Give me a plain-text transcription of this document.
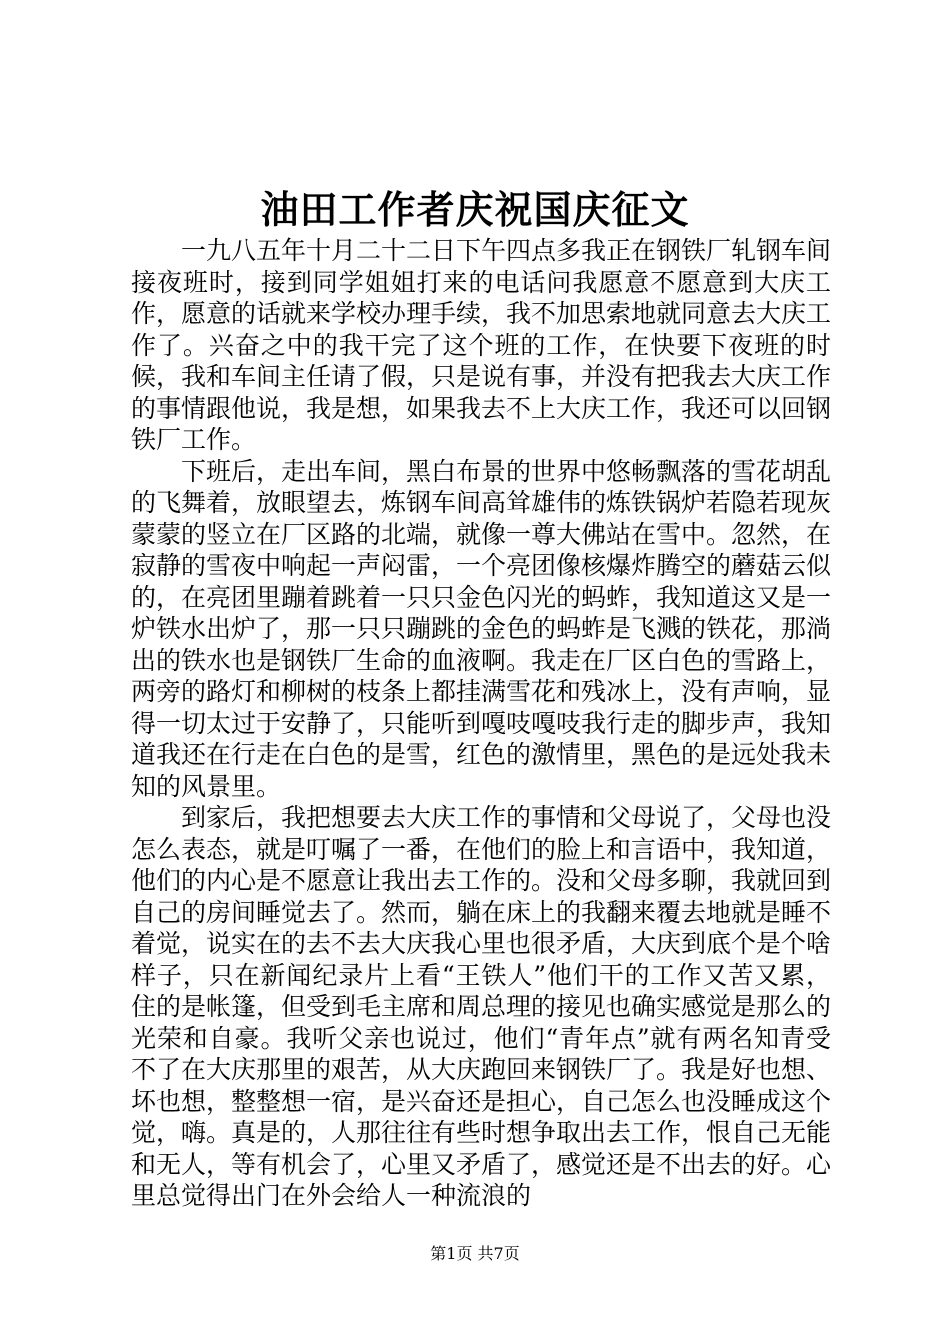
油田工作者庆祝国庆征文

一九八五年十月二十二日下午四点多我正在钢铁厂轧钢车间接夜班时，接到同学姐姐打来的电话问我愿意不愿意到大庆工作，愿意的话就来学校办理手续，我不加思索地就同意去大庆工作了。兴奋之中的我干完了这个班的工作，在快要下夜班的时候，我和车间主任请了假，只是说有事，并没有把我去大庆工作的事情跟他说，我是想，如果我去不上大庆工作，我还可以回钢铁厂工作。

下班后，走出车间，黑白布景的世界中悠畅飘落的雪花胡乱的飞舞着，放眼望去，炼钢车间高耸雄伟的炼铁锅炉若隐若现灰蒙蒙的竖立在厂区路的北端，就像一尊大佛站在雪中。忽然，在寂静的雪夜中响起一声闷雷，一个亮团像核爆炸腾空的蘑菇云似的，在亮团里蹦着跳着一只只金色闪光的蚂蚱，我知道这又是一炉铁水出炉了，那一只只蹦跳的金色的蚂蚱是飞溅的铁花，那淌出的铁水也是钢铁厂生命的血液啊。我走在厂区白色的雪路上，两旁的路灯和柳树的枝条上都挂满雪花和残冰上，没有声响，显得一切太过于安静了，只能听到嘎吱嘎吱我行走的脚步声，我知道我还在行走在白色的是雪，红色的激情里，黑色的是远处我未知的风景里。

到家后，我把想要去大庆工作的事情和父母说了，父母也没怎么表态，就是叮嘱了一番，在他们的脸上和言语中，我知道，他们的内心是不愿意让我出去工作的。没和父母多聊，我就回到自己的房间睡觉去了。然而，躺在床上的我翻来覆去地就是睡不着觉，说实在的去不去大庆我心里也很矛盾，大庆到底个是个啥样子，只在新闻纪录片上看“王铁人”他们干的工作又苦又累，住的是帐篷，但受到毛主席和周总理的接见也确实感觉是那么的光荣和自豪。我听父亲也说过，他们“青年点”就有两名知青受不了在大庆那里的艰苦，从大庆跑回来钢铁厂了。我是好也想、坏也想，整整想一宿，是兴奋还是担心，自己怎么也没睡成这个觉，嗨。真是的，人那往往有些时想争取出去工作，恨自己无能和无人，等有机会了，心里又矛盾了，感觉还是不出去的好。心里总觉得出门在外会给人一种流浪的

第1页 共7页
